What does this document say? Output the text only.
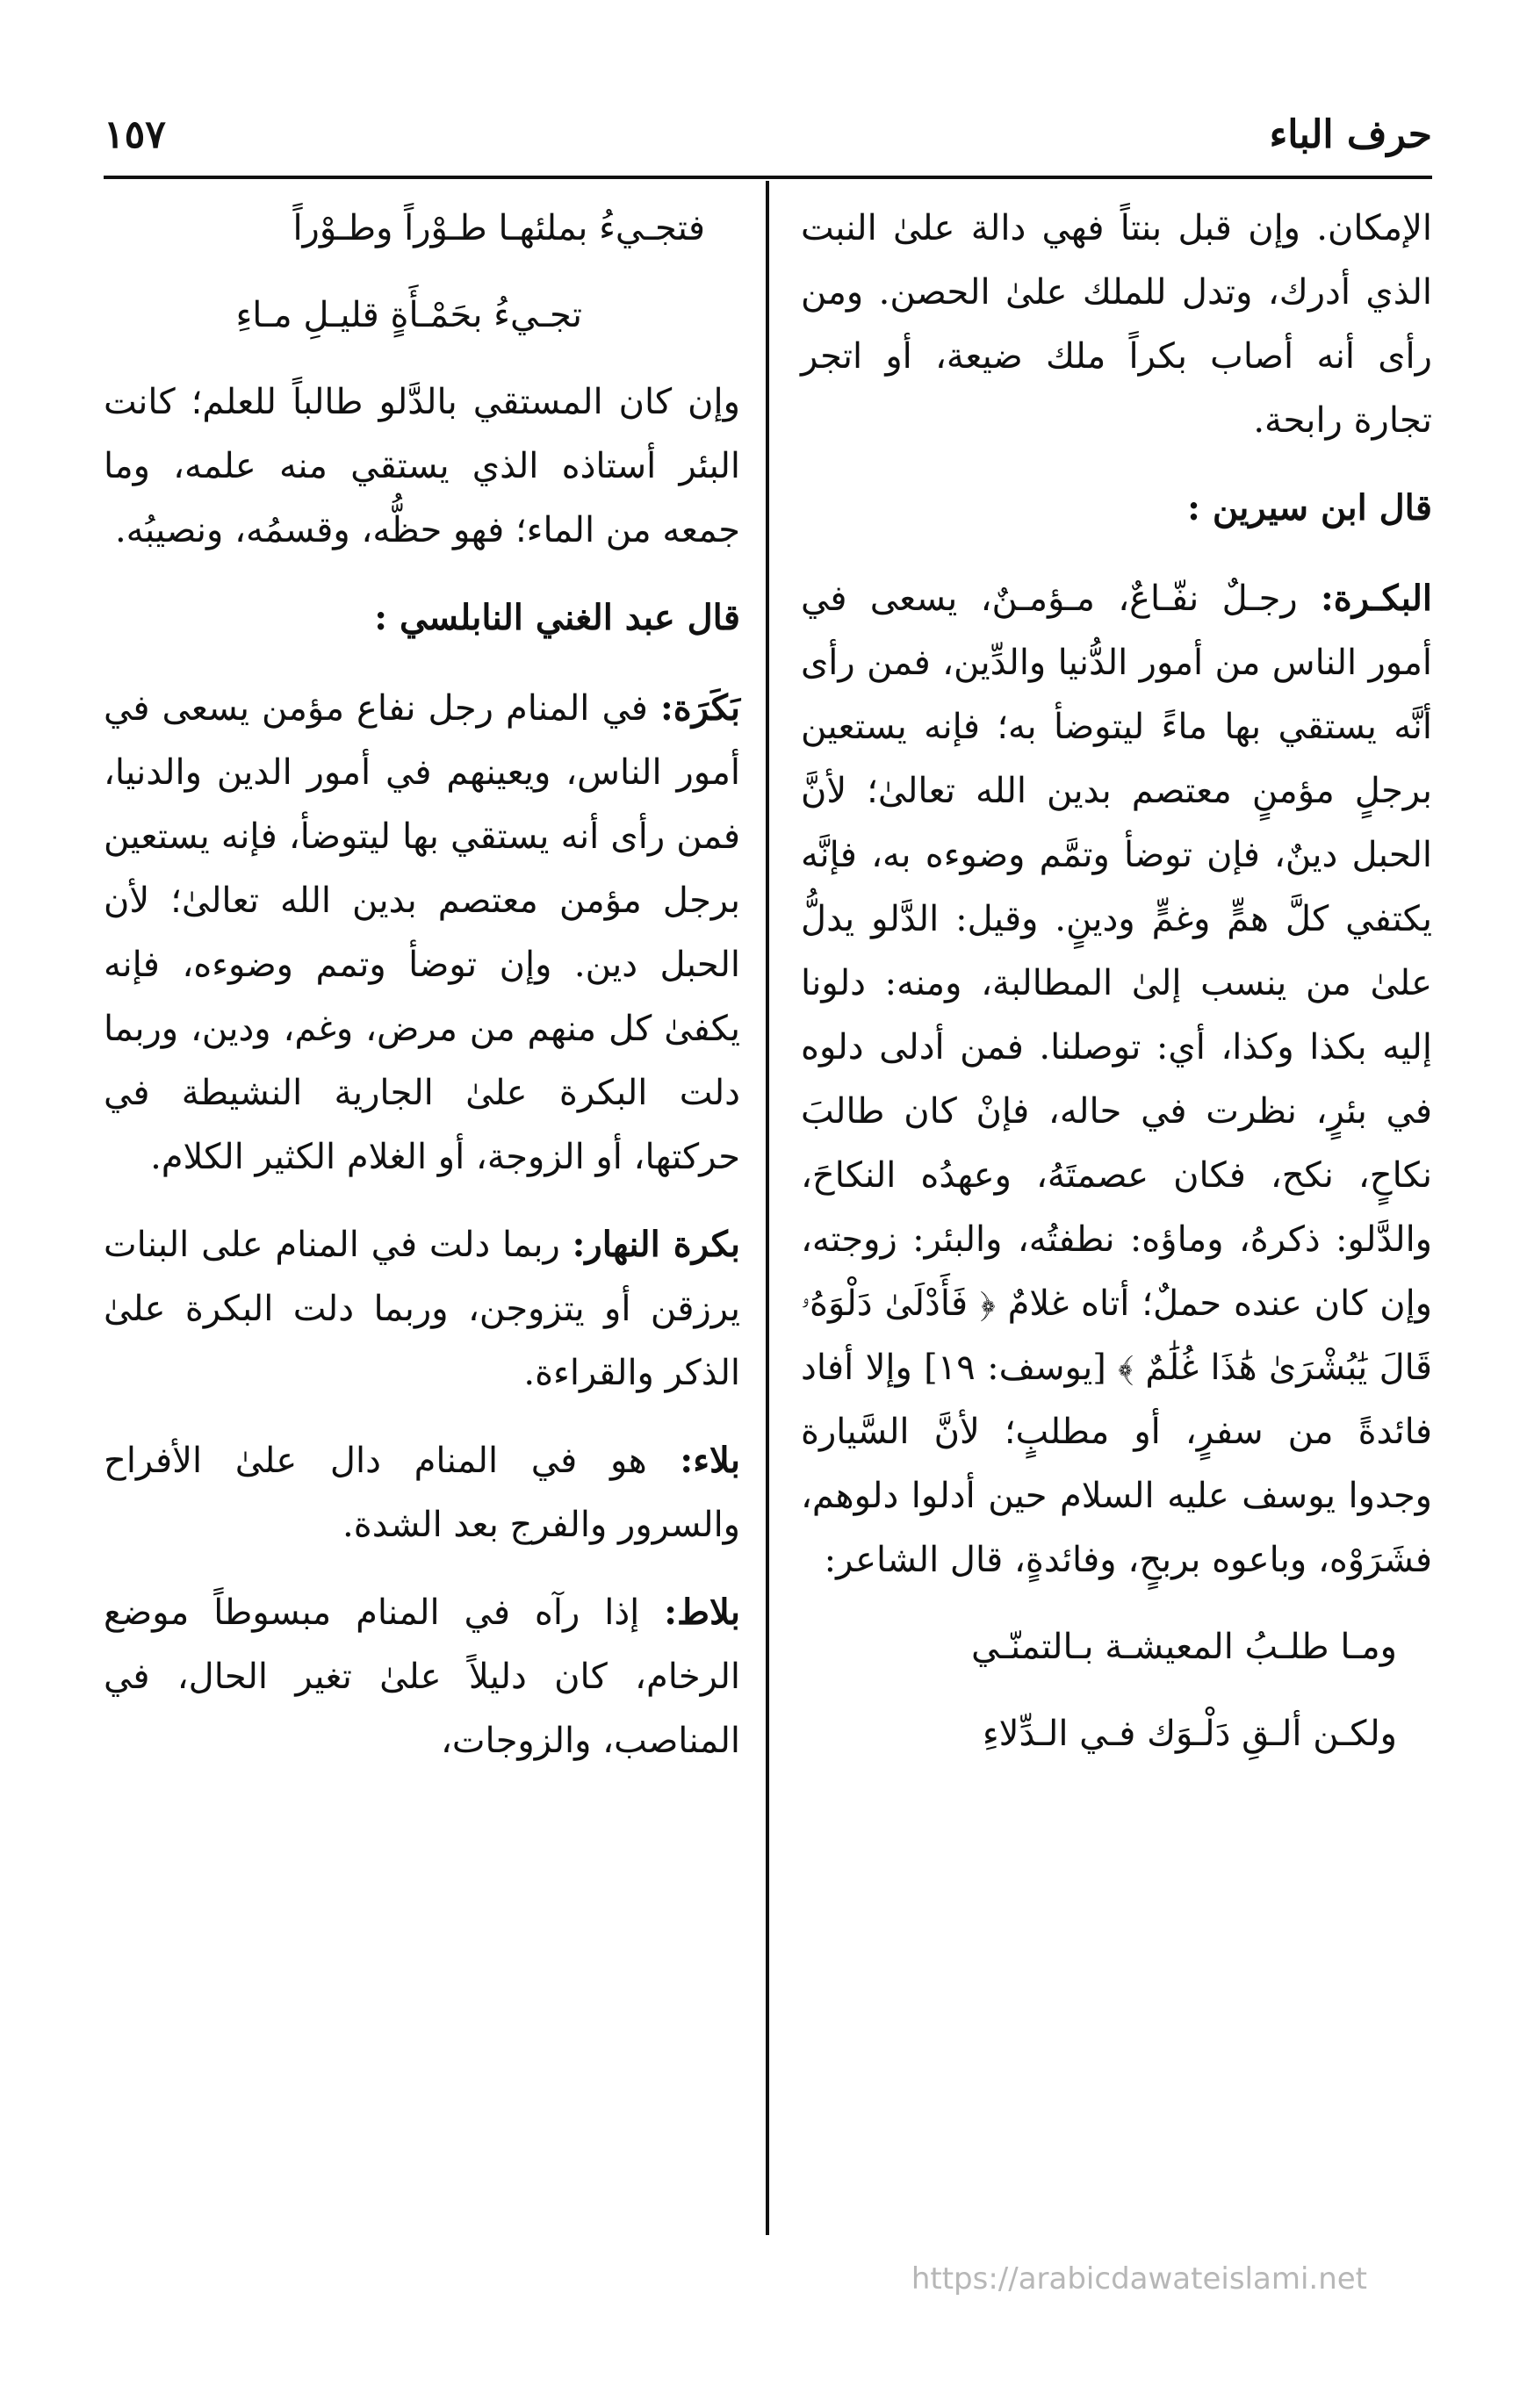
حرف الباء
١٥٧

الإمكان. وإن قبل بنتاً فهي دالة علىٰ النبت الذي أدرك، وتدل للملك علىٰ الحصن. ومن رأى أنه أصاب بكراً ملك ضيعة، أو اتجر تجارة رابحة.

قال ابن سيرين :

البكـرة: رجـلٌ نفّـاعٌ، مـؤمـنٌ، يسعى في أمور الناس من أمور الدُّنيا والدِّين، فمن رأى أنَّه يستقي بها ماءً ليتوضأ به؛ فإنه يستعين برجلٍ مؤمنٍ معتصم بدين الله تعالىٰ؛ لأنَّ الحبل دينٌ، فإن توضأ وتمَّم وضوءه به، فإنَّه يكتفي كلَّ همٍّ وغمٍّ ودينٍ. وقيل: الدَّلو يدلُّ علىٰ من ينسب إلىٰ المطالبة، ومنه: دلونا إليه بكذا وكذا، أي: توصلنا. فمن أدلى دلوه في بئرٍ، نظرت في حاله، فإنْ كان طالبَ نكاحٍ، نكح، فكان عصمتَهُ، وعهدُه النكاحَ، والدَّلو: ذكرهُ، وماؤه: نطفتُه، والبئر: زوجته، وإن كان عنده حملٌ؛ أتاه غلامٌ ﴿ فَأَدْلَىٰ دَلْوَهُۥ قَالَ يَٰبُشْرَىٰ هَٰذَا غُلَٰمٌ ﴾ [يوسف: ١٩] وإلا أفاد فائدةً من سفرٍ، أو مطلبٍ؛ لأنَّ السَّيارة وجدوا يوسف عليه السلام حين أدلوا دلوهم، فشَرَوْه، وباعوه بربحٍ، وفائدةٍ، قال الشاعر:

ومـا طلـبُ المعيشـة بـالتمنّـي

ولكـن ألـقِ دَلْـوَك فـي الـدِّلاءِ

فتجـيءُ بملئهـا طـوْراً وطـوْراً

تجـيءُ بحَمْـأَةٍ قليـلِ مـاءِ

وإن كان المستقي بالدَّلو طالباً للعلم؛ كانت البئر أستاذه الذي يستقي منه علمه، وما جمعه من الماء؛ فهو حظُّه، وقسمُه، ونصيبُه.

قال عبد الغني النابلسي :

بَكَرَة: في المنام رجل نفاع مؤمن يسعى في أمور الناس، ويعينهم في أمور الدين والدنيا، فمن رأى أنه يستقي بها ليتوضأ، فإنه يستعين برجل مؤمن معتصم بدين الله تعالىٰ؛ لأن الحبل دين. وإن توضأ وتمم وضوءه، فإنه يكفىٰ كل منهم من مرض، وغم، ودين، وربما دلت البكرة علىٰ الجارية النشيطة في حركتها، أو الزوجة، أو الغلام الكثير الكلام.

بكرة النهار: ربما دلت في المنام على البنات يرزقن أو يتزوجن، وربما دلت البكرة علىٰ الذكر والقراءة.

بلاء: هو في المنام دال علىٰ الأفراح والسرور والفرج بعد الشدة.

بلاط: إذا رآه في المنام مبسوطاً موضع الرخام، كان دليلاً علىٰ تغير الحال، في المناصب، والزوجات،

https://arabicdawateislami.net
